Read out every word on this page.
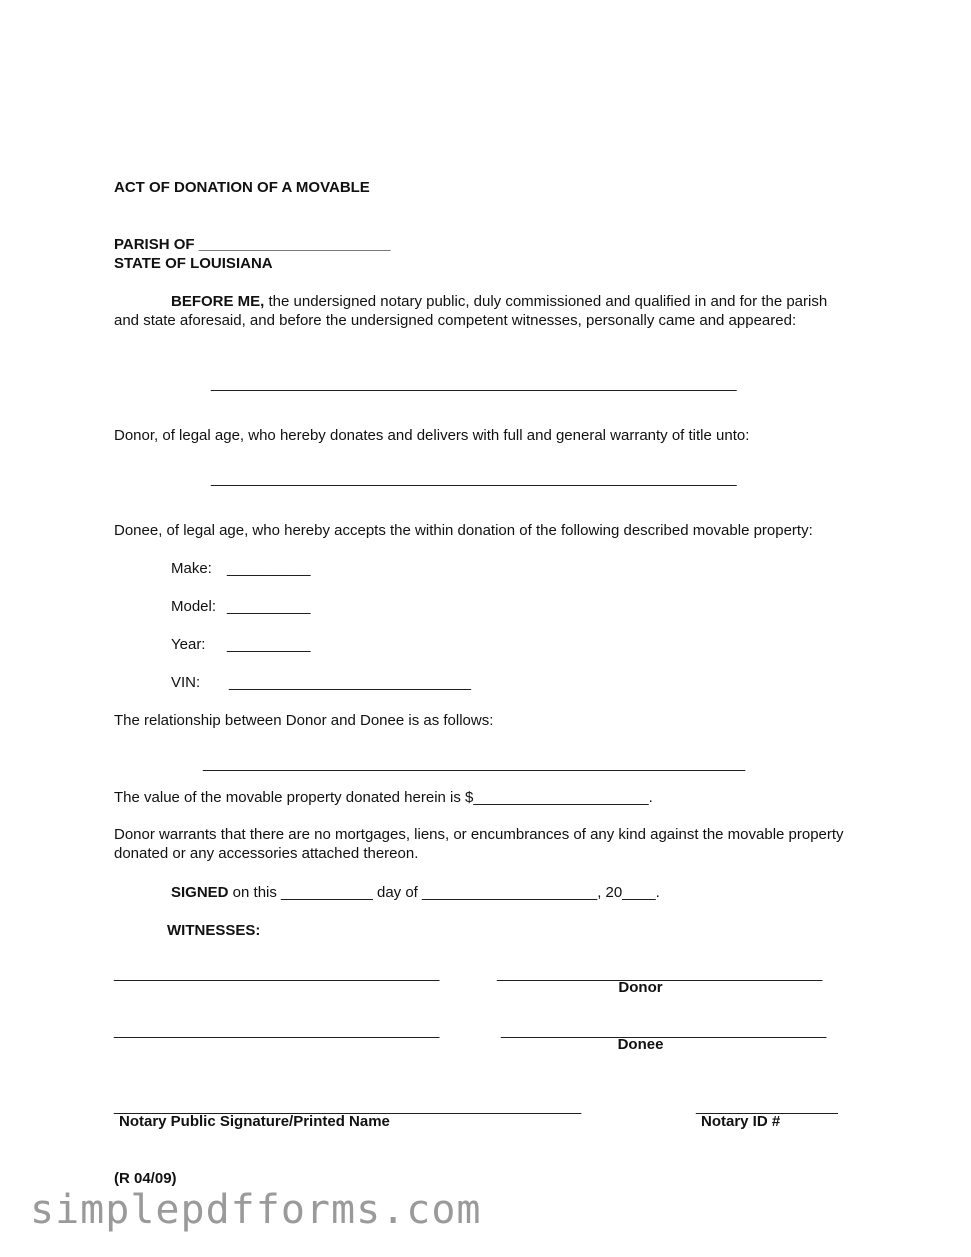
ACT OF DONATION OF A MOVABLE
PARISH OF _______________________
STATE OF LOUISIANA
BEFORE ME, the undersigned notary public, duly commissioned and qualified in and for the parish and state aforesaid, and before the undersigned competent witnesses, personally came and appeared:
_______________________________________________________________
Donor, of legal age, who hereby donates and delivers with full and general warranty of title unto:
_______________________________________________________________
Donee, of legal age, who hereby accepts the within donation of the following described movable property:
Make: __________
Model: __________
Year: __________
VIN: _____________________________
The relationship between Donor and Donee is as follows:
_________________________________________________________________
The value of the movable property donated herein is $_____________________.
Donor warrants that there are no mortgages, liens, or encumbrances of any kind against the movable property donated or any accessories attached thereon.
SIGNED on this ___________ day of _____________________, 20____.
WITNESSES:
_______________________________________	_______________________________________
Donor
_______________________________________	_______________________________________
Donee
________________________________________________________
Notary Public Signature/Printed Name
_________________
Notary ID #
(R 04/09)
simplepdfforms.com
